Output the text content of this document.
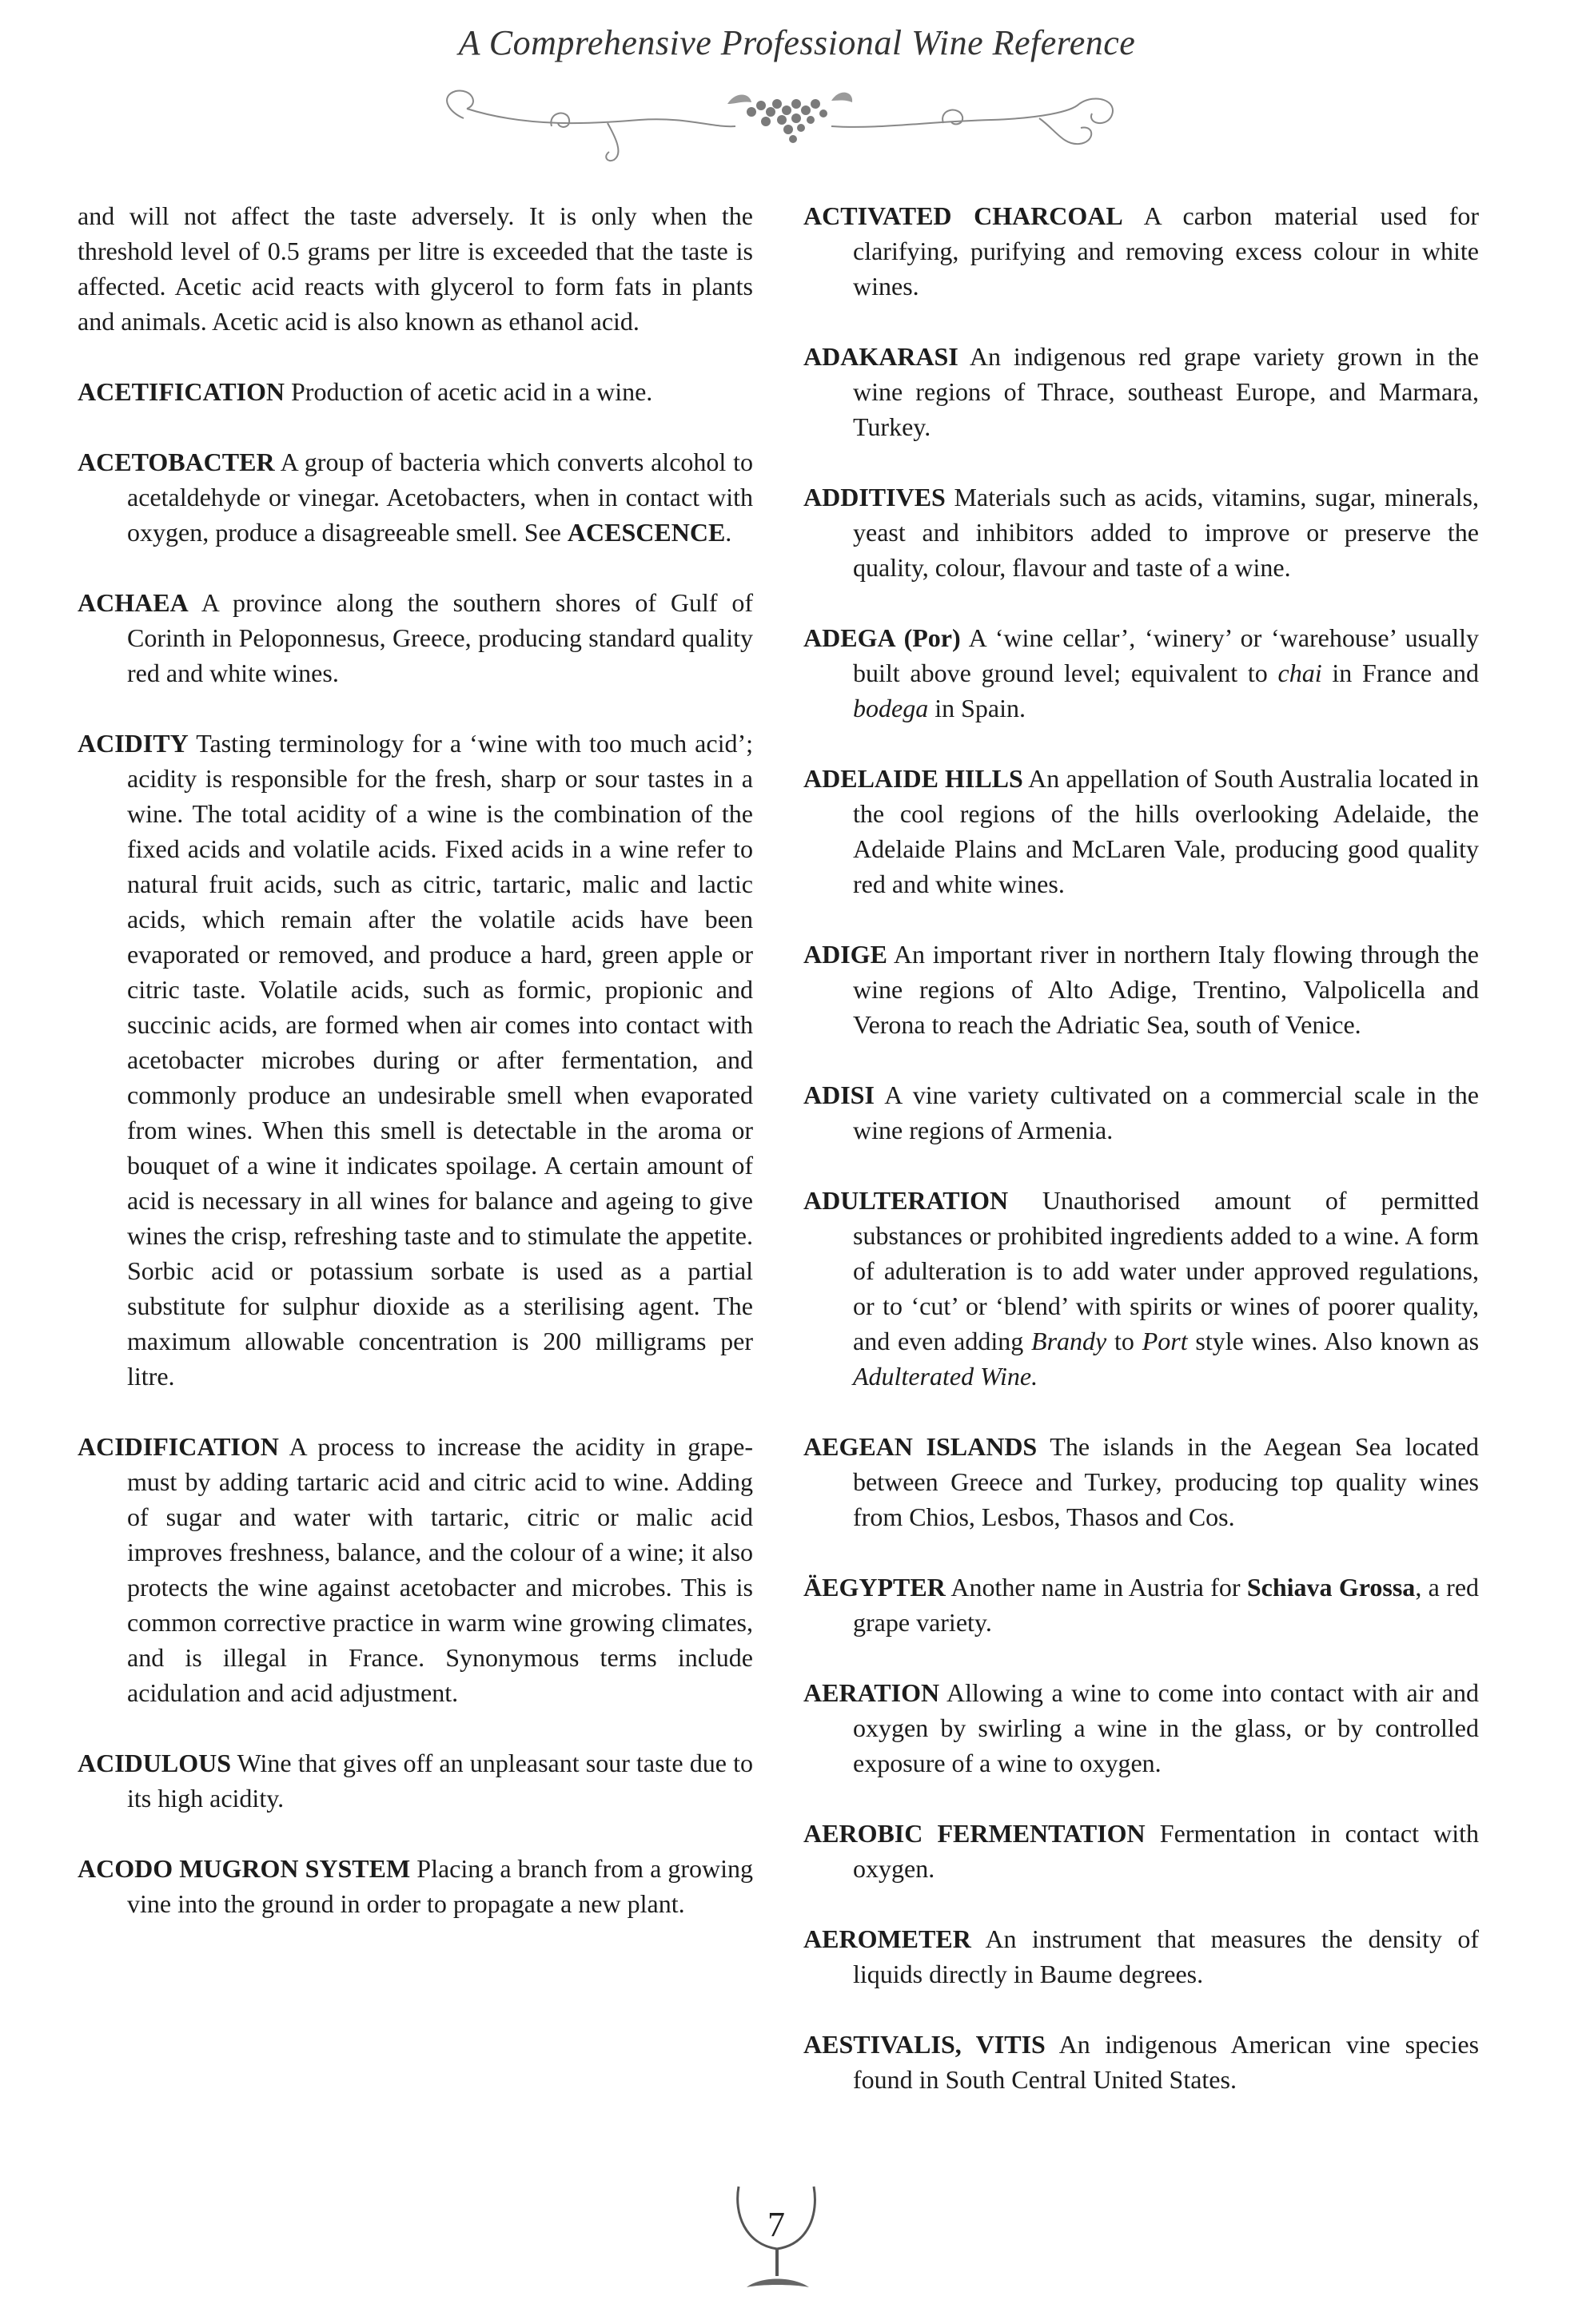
A Comprehensive Professional Wine Reference

and will not affect the taste adversely. It is only when the threshold level of 0.5 grams per litre is exceeded that the taste is affected. Acetic acid reacts with glycerol to form fats in plants and animals. Acetic acid is also known as ethanol acid.

ACETIFICATION Production of acetic acid in a wine.

ACETOBACTER A group of bacteria which converts alcohol to acetaldehyde or vinegar. Acetobacters, when in contact with oxygen, produce a disagreeable smell. See ACESCENCE.

ACHAEA A province along the southern shores of Gulf of Corinth in Peloponnesus, Greece, producing standard quality red and white wines.

ACIDITY Tasting terminology for a ‘wine with too much acid’; acidity is responsible for the fresh, sharp or sour tastes in a wine. The total acidity of a wine is the combination of the fixed acids and volatile acids. Fixed acids in a wine refer to natural fruit acids, such as citric, tartaric, malic and lactic acids, which remain after the volatile acids have been evaporated or removed, and produce a hard, green apple or citric taste. Volatile acids, such as formic, propionic and succinic acids, are formed when air comes into contact with acetobacter microbes during or after fermentation, and commonly produce an undesirable smell when evaporated from wines. When this smell is detectable in the aroma or bouquet of a wine it indicates spoilage. A certain amount of acid is necessary in all wines for balance and ageing to give wines the crisp, refreshing taste and to stimulate the appetite. Sorbic acid or potassium sorbate is used as a partial substitute for sulphur dioxide as a sterilising agent. The maximum allowable concentration is 200 milligrams per litre.

ACIDIFICATION A process to increase the acidity in grape-must by adding tartaric acid and citric acid to wine. Adding of sugar and water with tartaric, citric or malic acid improves freshness, balance, and the colour of a wine; it also protects the wine against acetobacter and microbes. This is common corrective practice in warm wine growing climates, and is illegal in France. Synonymous terms include acidulation and acid adjustment.

ACIDULOUS Wine that gives off an unpleasant sour taste due to its high acidity.

ACODO MUGRON SYSTEM Placing a branch from a growing vine into the ground in order to propagate a new plant.

ACTIVATED CHARCOAL A carbon material used for clarifying, purifying and removing excess colour in white wines.

ADAKARASI An indigenous red grape variety grown in the wine regions of Thrace, southeast Europe, and Marmara, Turkey.

ADDITIVES Materials such as acids, vitamins, sugar, minerals, yeast and inhibitors added to improve or preserve the quality, colour, flavour and taste of a wine.

ADEGA (Por) A ‘wine cellar’, ‘winery’ or ‘warehouse’ usually built above ground level; equivalent to chai in France and bodega in Spain.

ADELAIDE HILLS An appellation of South Australia located in the cool regions of the hills overlooking Adelaide, the Adelaide Plains and McLaren Vale, producing good quality red and white wines.

ADIGE An important river in northern Italy flowing through the wine regions of Alto Adige, Trentino, Valpolicella and Verona to reach the Adriatic Sea, south of Venice.

ADISI A vine variety cultivated on a commercial scale in the wine regions of Armenia.

ADULTERATION Unauthorised amount of permitted substances or prohibited ingredients added to a wine. A form of adulteration is to add water under approved regulations, or to ‘cut’ or ‘blend’ with spirits or wines of poorer quality, and even adding Brandy to Port style wines. Also known as Adulterated Wine.

AEGEAN ISLANDS The islands in the Aegean Sea located between Greece and Turkey, producing top quality wines from Chios, Lesbos, Thasos and Cos.

ÄEGYPTER Another name in Austria for Schiava Grossa, a red grape variety.

AERATION Allowing a wine to come into contact with air and oxygen by swirling a wine in the glass, or by controlled exposure of a wine to oxygen.

AEROBIC FERMENTATION Fermentation in contact with oxygen.

AEROMETER An instrument that measures the density of liquids directly in Baume degrees.

AESTIVALIS, VITIS An indigenous American vine species found in South Central United States.

7
